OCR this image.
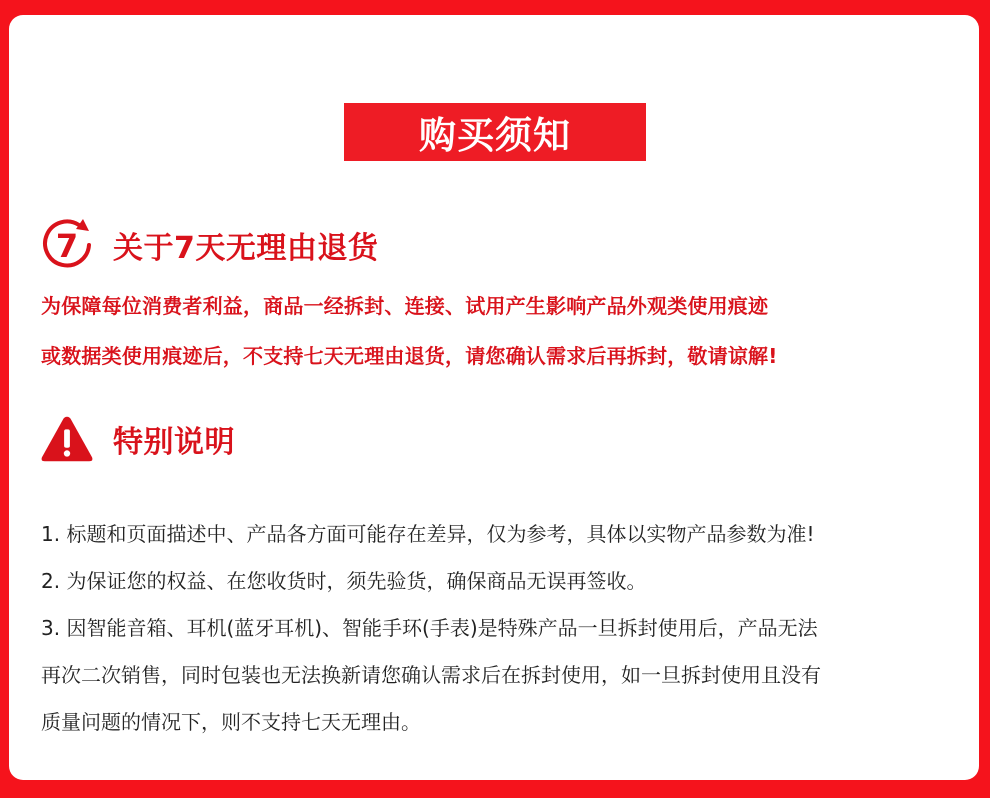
购买须知
7 关于7天无理由退货
为保障每位消费者利益，商品一经拆封、连接、试用产生影响产品外观类使用痕迹
或数据类使用痕迹后，不支持七天无理由退货，请您确认需求后再拆封，敬请谅解!
特别说明
1. 标题和页面描述中、产品各方面可能存在差异，仅为参考，具体以实物产品参数为准!
2. 为保证您的权益、在您收货时，须先验货，确保商品无误再签收。
3. 因智能音箱、耳机(蓝牙耳机)、智能手环(手表)是特殊产品一旦拆封使用后，产品无法
再次二次销售，同时包装也无法换新请您确认需求后在拆封使用，如一旦拆封使用且没有
质量问题的情况下，则不支持七天无理由。
